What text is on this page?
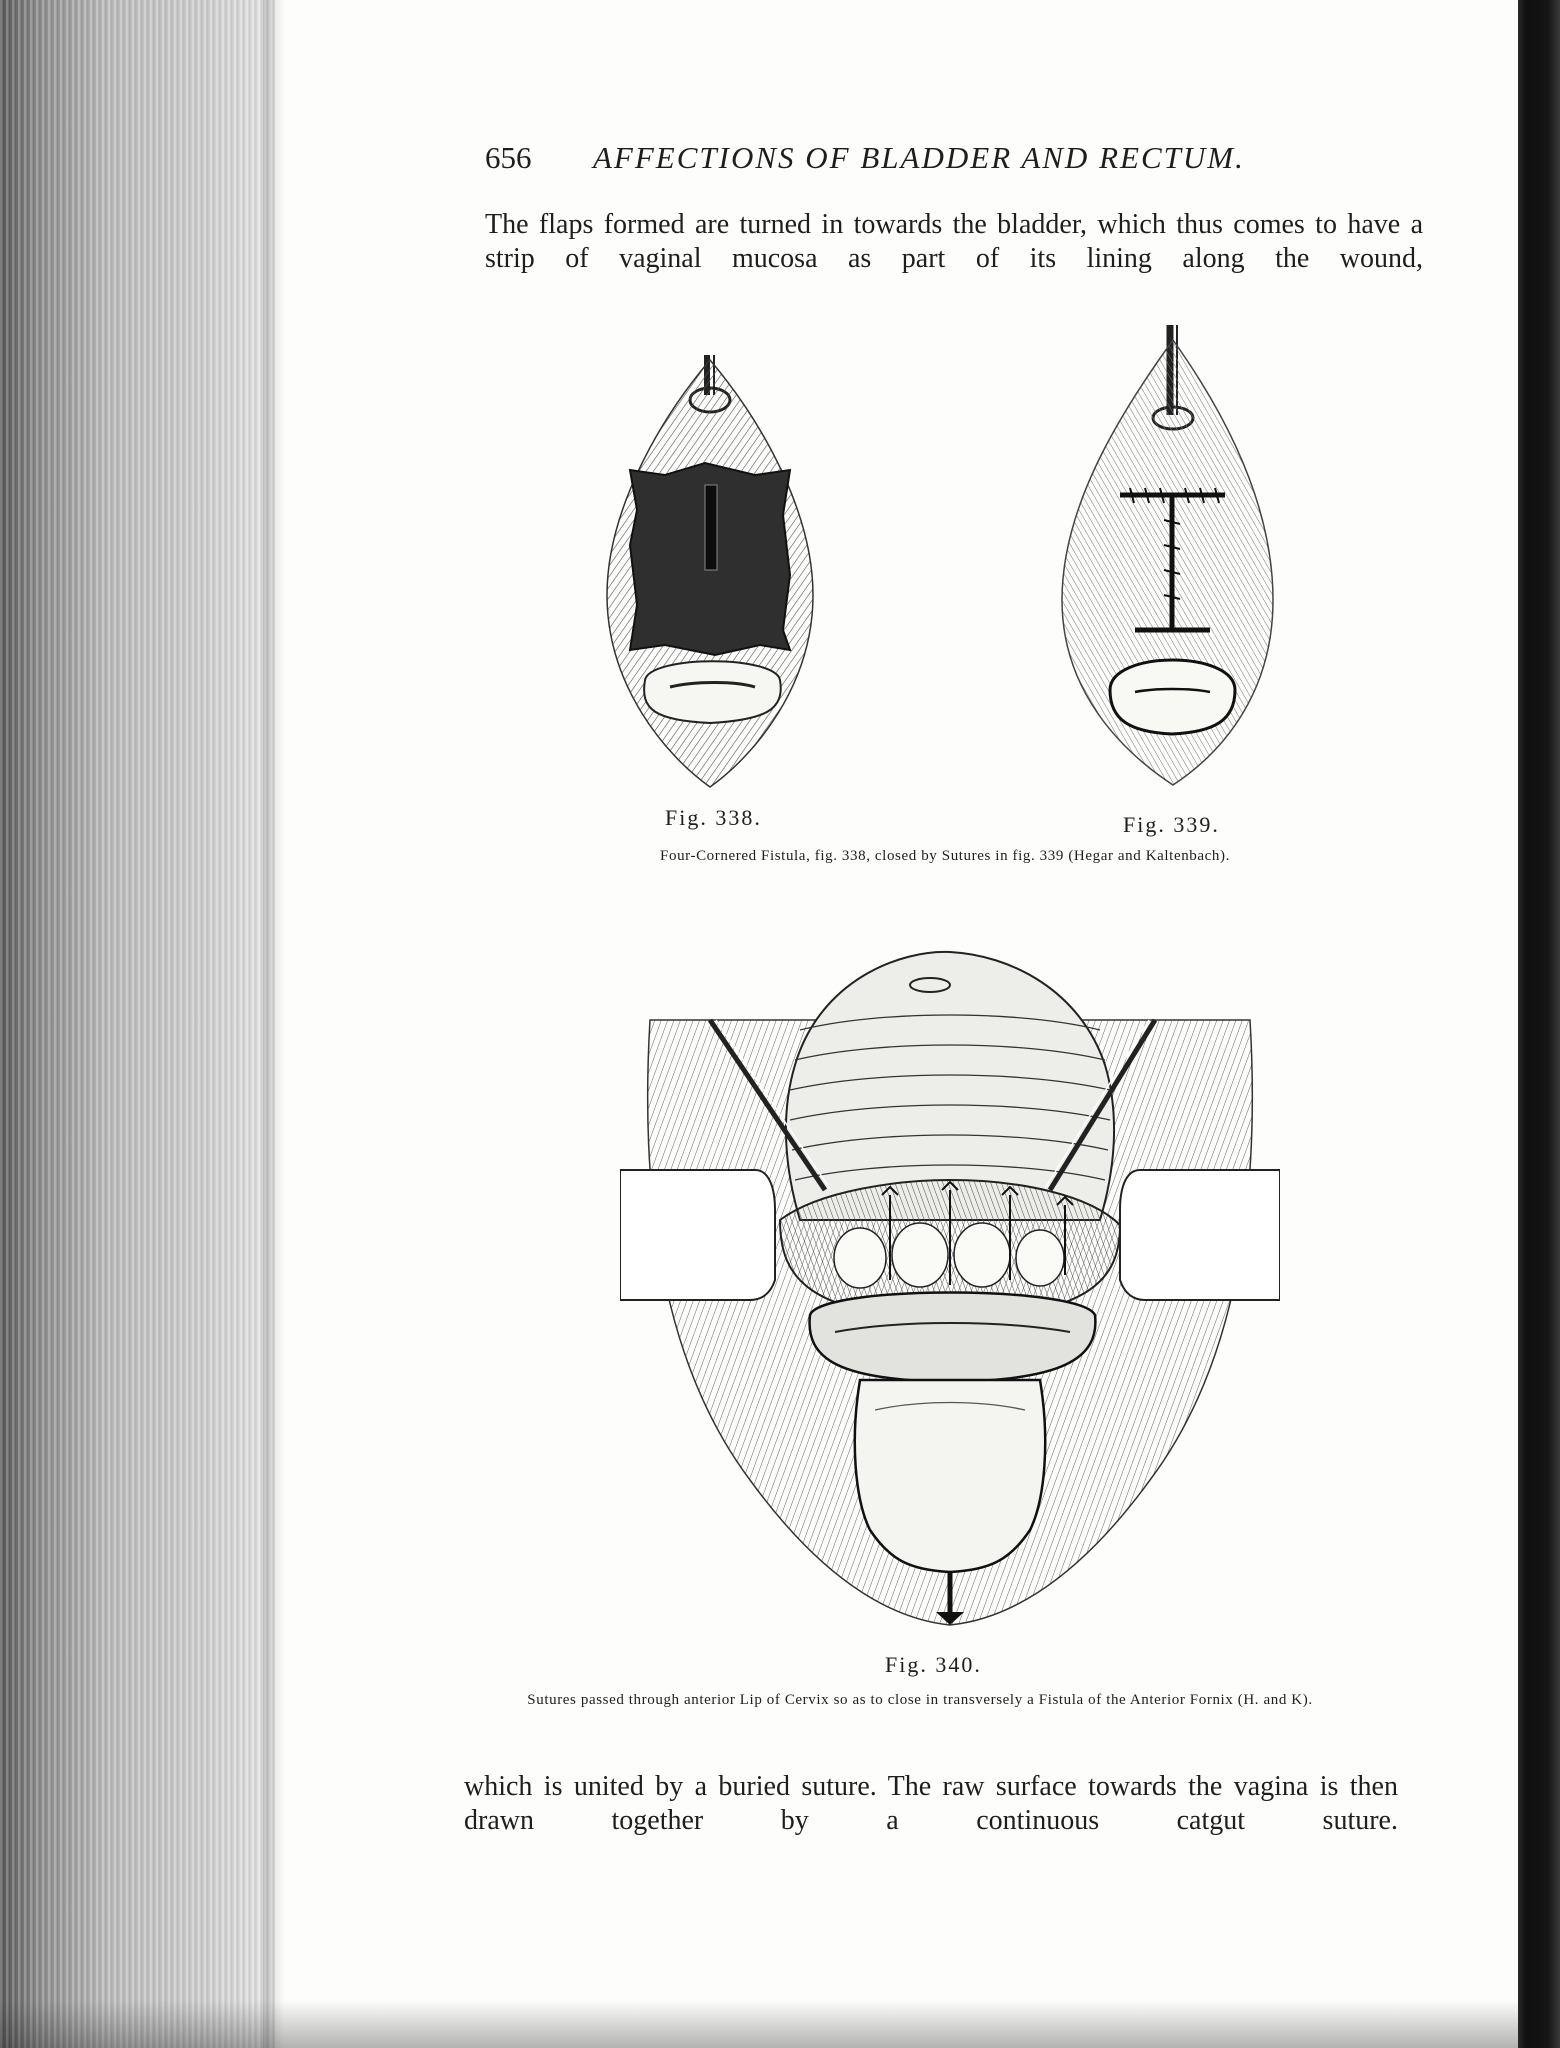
656 AFFECTIONS OF BLADDER AND RECTUM.

The flaps formed are turned in towards the bladder, which thus comes to have a strip of vaginal mucosa as part of its lining along the wound,

Fig. 338.	Fig. 339.
Four-Cornered Fistula, fig. 338, closed by Sutures in fig. 339 (Hegar and Kaltenbach).
Fig. 340.
Sutures passed through anterior Lip of Cervix so as to close in transversely a Fistula of the Anterior Fornix (H. and K).

which is united by a buried suture. The raw surface towards the vagina is then drawn together by a continuous catgut suture.
